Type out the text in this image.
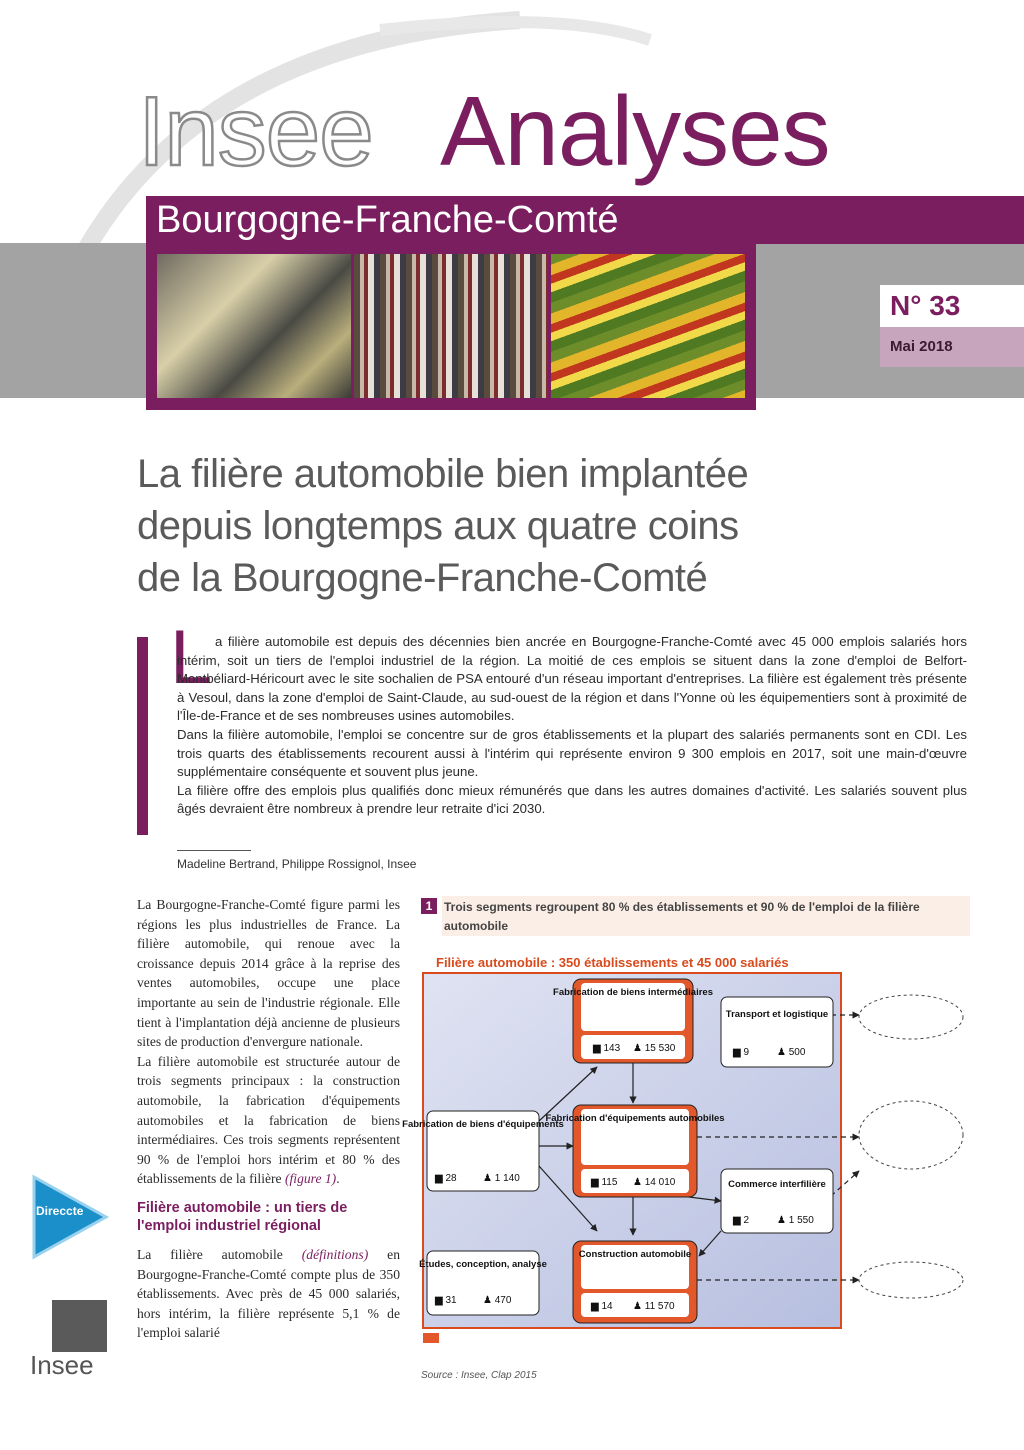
Insee Analyses
Bourgogne-Franche-Comté
N° 33
Mai 2018
La filière automobile bien implantée
depuis longtemps aux quatre coins
de la Bourgogne-Franche-Comté
L a filière automobile est depuis des décennies bien ancrée en Bourgogne-Franche-Comté avec 45 000 emplois salariés hors intérim, soit un tiers de l'emploi industriel de la région. La moitié de ces emplois se situent dans la zone d'emploi de Belfort-Montbéliard-Héricourt avec le site sochalien de PSA entouré d'un réseau important d'entreprises. La filière est également très présente à Vesoul, dans la zone d'emploi de Saint-Claude, au sud-ouest de la région et dans l'Yonne où les équipementiers sont à proximité de l'Île-de-France et de ses nombreuses usines automobiles.

Dans la filière automobile, l'emploi se concentre sur de gros établissements et la plupart des salariés permanents sont en CDI. Les trois quarts des établissements recourent aussi à l'intérim qui représente environ 9 300 emplois en 2017, soit une main-d'œuvre supplémentaire conséquente et souvent plus jeune.

La filière offre des emplois plus qualifiés donc mieux rémunérés que dans les autres domaines d'activité. Les salariés souvent plus âgés devraient être nombreux à prendre leur retraite d'ici 2030.

Madeline Bertrand, Philippe Rossignol, Insee

La Bourgogne-Franche-Comté figure parmi les régions les plus industrielles de France. La filière automobile, qui renoue avec la croissance depuis 2014 grâce à la reprise des ventes automobiles, occupe une place importante au sein de l'industrie régionale. Elle tient à l'implantation déjà ancienne de plusieurs sites de production d'envergure nationale.

La filière automobile est structurée autour de trois segments principaux : la construction automobile, la fabrication d'équipements automobiles et la fabrication de biens intermédiaires. Ces trois segments représentent 90 % de l'emploi hors intérim et 80 % des établissements de la filière (figure 1).

Filière automobile : un tiers de l'emploi industriel régional

La filière automobile (définitions) en Bourgogne-Franche-Comté compte plus de 350 établissements. Avec près de 45 000 salariés, hors intérim, la filière représente 5,1 % de l'emploi salarié

1 Trois segments regroupent 80 % des établissements et 90 % de l'emploi de la filière automobile
Filière automobile : 350 établissements et 45 000 salariés
Fabrication de biens intermédiaires
▆ 143 ♟ 15 530
Fabrication d'équipements automobiles
▆ 115 ♟ 14 010
Construction automobile
▆ 14 ♟ 11 570
Transport et logistique
▆ 9	♟ 500
Fabrication de biens d'équipements
▆ 28	♟ 1 140
Commerce interfilière
▆ 2	♟ 1 550
Études, conception, analyse
▆ 31	♟ 470
Source : Insee, Clap 2015
Direccte
Insee
